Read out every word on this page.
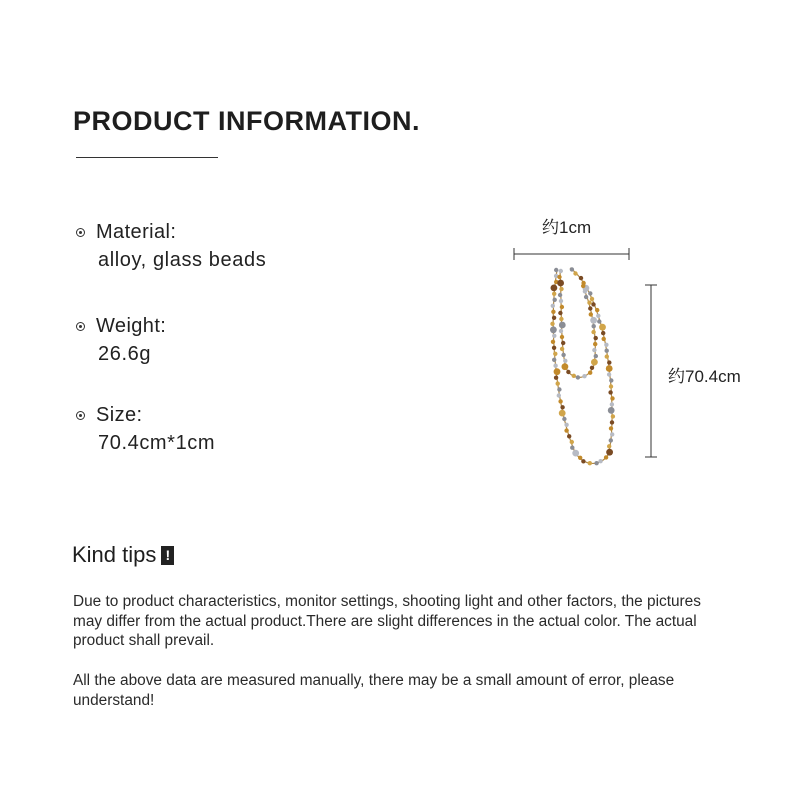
PRODUCT INFORMATION.
Material:
alloy, glass beads
Weight:
26.6g
Size:
70.4cm*1cm
约1cm
约70.4cm
Kind tips !

Due to product characteristics, monitor settings, shooting light and other factors, the pictures may differ from the actual product.There are slight differences in the actual color. The actual product shall prevail.

All the above data are measured manually, there may be a small amount of error, please understand!
